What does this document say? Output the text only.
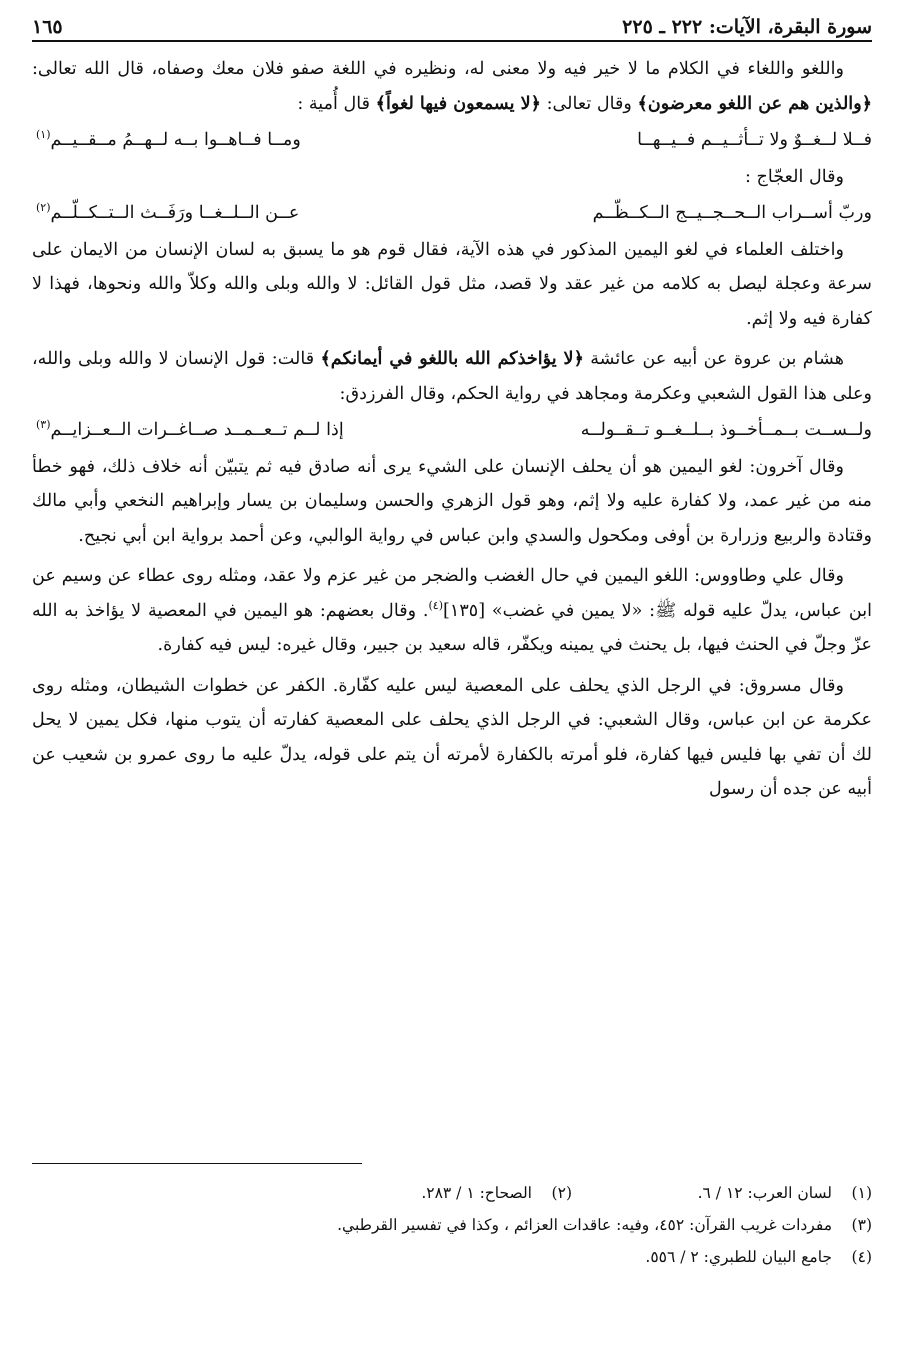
سورة البقرة، الآيات: ٢٢٢ ـ ٢٢٥
١٦٥

واللغو واللغاء في الكلام ما لا خير فيه ولا معنى له، ونظيره في اللغة صفو فلان معك وصفاه، قال الله تعالى: ﴿والذين هم عن اللغو معرضون﴾ وقال تعالى: ﴿لا يسمعون فيها لغواً﴾ قال أُمية :

فــلا لــغــوٌ ولا تــأثــيــم فــيــهــا
ومــا فــاهــوا بــه لــهــمُ مــقــيــم$^{(١)}$

وقال العجّاج :

وربّ أســراب الــحــجــيــج الــكــظّــم
عــن الــلــغــا ورَفَــث الــتــكــلّــم$^{(٢)}$

واختلف العلماء في لغو اليمين المذكور في هذه الآية، فقال قوم هو ما يسبق به لسان الإنسان من الايمان على سرعة وعجلة ليصل به كلامه من غير عقد ولا قصد، مثل قول القائل: لا والله وبلى والله وكلاّ والله ونحوها، فهذا لا كفارة فيه ولا إثم.

هشام بن عروة عن أبيه عن عائشة ﴿لا يؤاخذكم الله باللغو في أيمانكم﴾ قالت: قول الإنسان لا والله وبلى والله، وعلى هذا القول الشعبي وعكرمة ومجاهد في رواية الحكم، وقال الفرزدق:

ولــســت بــمــأخــوذ بــلــغــو تــقــولــه
إذا لــم تــعــمــد صــاغــرات الــعــزايــم$^{(٣)}$

وقال آخرون: لغو اليمين هو أن يحلف الإنسان على الشيء يرى أنه صادق فيه ثم يتبيّن أنه خلاف ذلك، فهو خطأ منه من غير عمد، ولا كفارة عليه ولا إثم، وهو قول الزهري والحسن وسليمان بن يسار وإبراهيم النخعي وأبي مالك وقتادة والربيع وزرارة بن أوفى ومكحول والسدي وابن عباس في رواية الوالبي، وعن أحمد برواية ابن أبي نجيح.

وقال علي وطاووس: اللغو اليمين في حال الغضب والضجر من غير عزم ولا عقد، ومثله روى عطاء عن وسيم عن ابن عباس، يدلّ عليه قوله ﷺ: «لا يمين في غضب» [١٣٥]$^{(٤)}$. وقال بعضهم: هو اليمين في المعصية لا يؤاخذ به الله عزّ وجلّ في الحنث فيها، بل يحنث في يمينه ويكفّر، قاله سعيد بن جبير، وقال غيره: ليس فيه كفارة.

وقال مسروق: في الرجل الذي يحلف على المعصية ليس عليه كفّارة. الكفر عن خطوات الشيطان، ومثله روى عكرمة عن ابن عباس، وقال الشعبي: في الرجل الذي يحلف على المعصية كفارته أن يتوب منها، فكل يمين لا يحل لك أن تفي بها فليس فيها كفارة، فلو أمرته بالكفارة لأمرته أن يتم على قوله، يدلّ عليه ما روى عمرو بن شعيب عن أبيه عن جده أن رسول

(١)
لسان العرب: ١٢ / ٦.
(٢)
الصحاح: ١ / ٢٨٣.
(٣)
مفردات غريب القرآن: ٤٥٢، وفيه: عاقدات العزائم ، وكذا في تفسير القرطبي.
(٤)
جامع البيان للطبري: ٢ / ٥٥٦.
